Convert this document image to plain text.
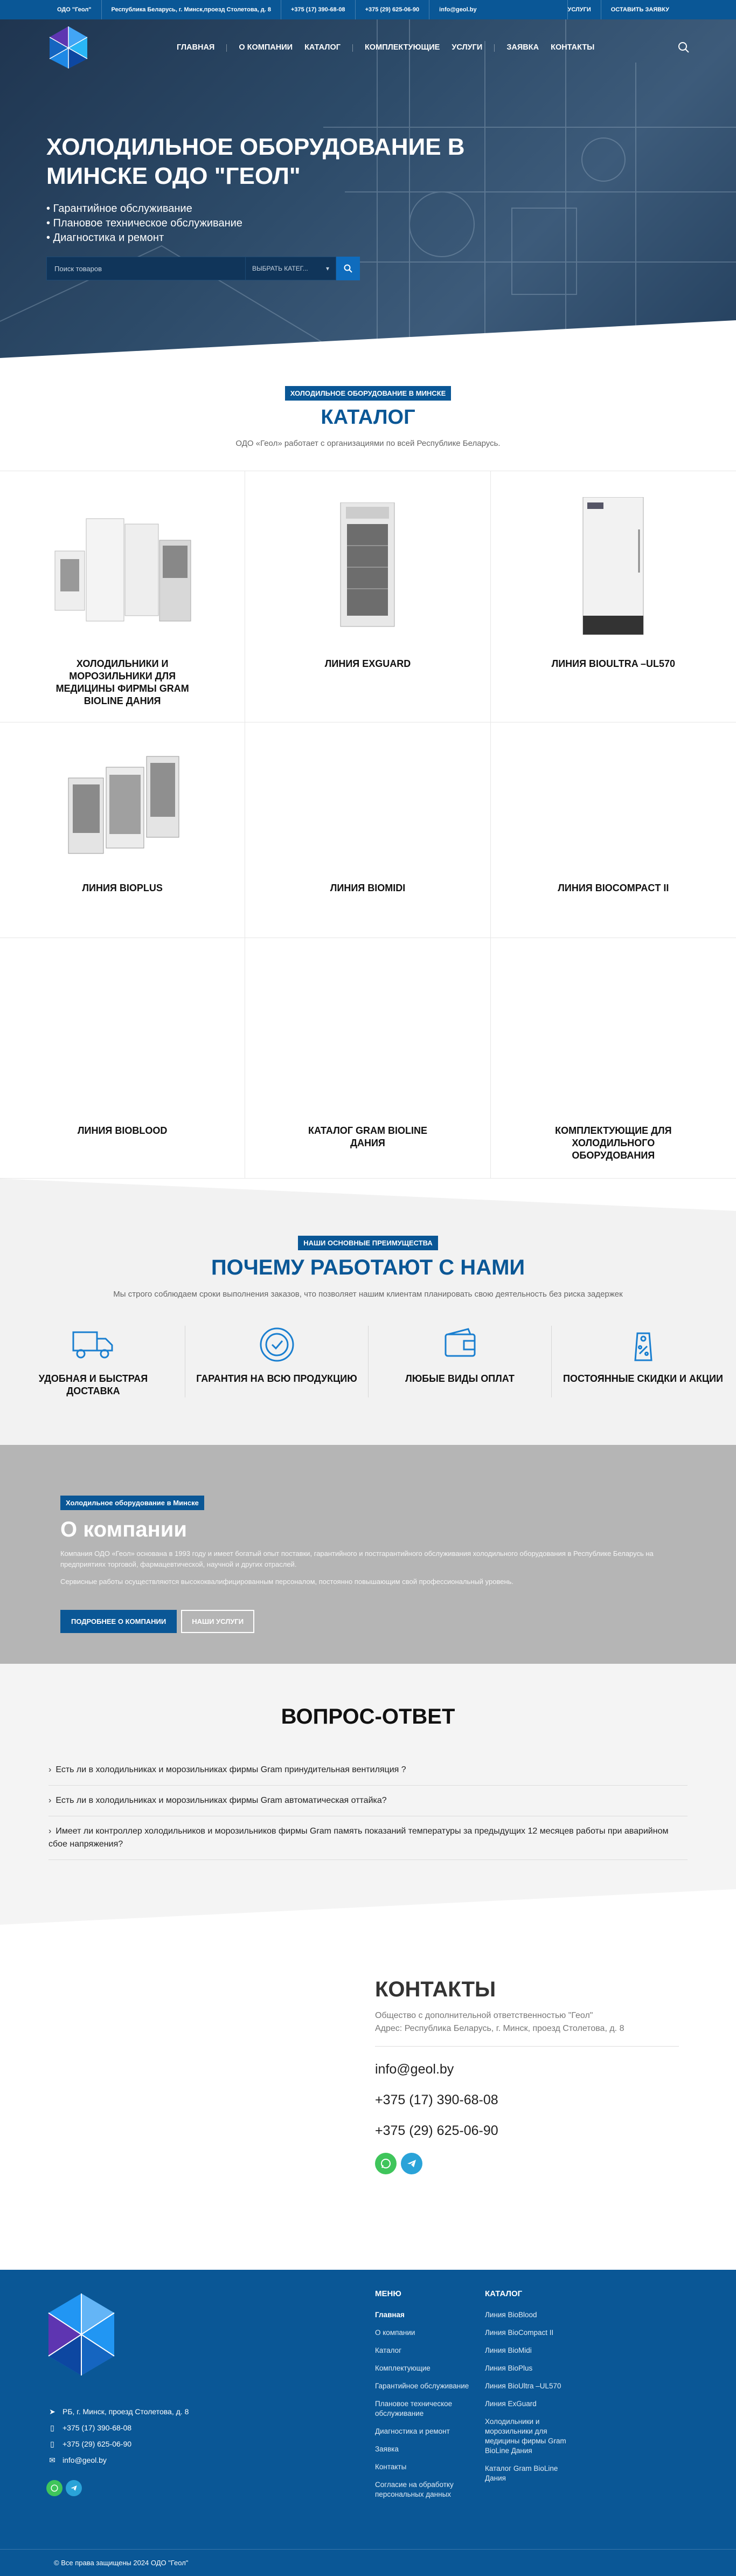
ОДО "Геол"	Республика Беларусь, г. Минск,проезд Столетова, д. 8	+375 (17) 390-68-08	+375 (29) 625-06-90	info@geol.by	УСЛУГИ	ОСТАВИТЬ ЗАЯВКУ
ГЛАВНАЯ	О КОМПАНИИ КАТАЛОГ	КОМПЛЕКТУЮЩИЕ УСЛУГИ	ЗАЯВКА КОНТАКТЫ
ХОЛОДИЛЬНОЕ ОБОРУДОВАНИЕ В МИНСКЕ ОДО "ГЕОЛ"
• Гарантийное обслуживание
• Плановое техническое обслуживание
• Диагностика и ремонт
Поиск товаров	ВЫБРАТЬ КАТЕГ...	▾
ХОЛОДИЛЬНОЕ ОБОРУДОВАНИЕ В МИНСКЕ
КАТАЛОГ
ОДО «Геол» работает с организациями по всей Республике Беларусь.
ХОЛОДИЛЬНИКИ И МОРОЗИЛЬНИКИ ДЛЯ МЕДИЦИНЫ ФИРМЫ GRAM BIOLINE ДАНИЯ
ЛИНИЯ EXGUARD	ЛИНИЯ BIOULTRA –UL570
ЛИНИЯ BIOPLUS	ЛИНИЯ BIOMIDI	ЛИНИЯ BIOCOMPACT II
ЛИНИЯ BIOBLOOD	КАТАЛОГ GRAM BIOLINE ДАНИЯ
КОМПЛЕКТУЮЩИЕ ДЛЯ ХОЛОДИЛЬНОГО ОБОРУДОВАНИЯ
НАШИ ОСНОВНЫЕ ПРЕИМУЩЕСТВА
ПОЧЕМУ РАБОТАЮТ С НАМИ
Мы строго соблюдаем сроки выполнения заказов, что позволяет нашим клиентам планировать свою деятельность без риска задержек
УДОБНАЯ И БЫСТРАЯ ДОСТАВКА
ГАРАНТИЯ НА ВСЮ ПРОДУКЦИЮ	ЛЮБЫЕ ВИДЫ ОПЛАТ	ПОСТОЯННЫЕ СКИДКИ И АКЦИИ
Холодильное оборудование в Минске
О компании

Компания ОДО «Геол» основана в 1993 году и имеет богатый опыт поставки, гарантийного и постгарантийного обслуживания холодильного оборудования в Республике Беларусь на предприятиях торговой, фармацевтической, научной и других отраслей.

Сервисные работы осуществляются высококвалифицированным персоналом, постоянно повышающим свой профессиональный уровень.

ПОДРОБНЕЕ О КОМПАНИИ	НАШИ УСЛУГИ
ВОПРОС-ОТВЕТ
› Есть ли в холодильниках и морозильниках фирмы Gram принудительная вентиляция ?
› Есть ли в холодильниках и морозильниках фирмы Gram автоматическая оттайка?
› Имеет ли контроллер холодильников и морозильников фирмы Gram память показаний температуры за предыдущих 12 месяцев работы при аварийном сбое напряжения?
КОНТАКТЫ
Общество с дополнительной ответственностью "Геол"
Адрес: Республика Беларусь, г. Минск, проезд Столетова, д. 8
info@geol.by
+375 (17) 390-68-08
+375 (29) 625-06-90
➤ РБ, г. Минск, проезд Столетова, д. 8
▯ +375 (17) 390-68-08
▯ +375 (29) 625-06-90
✉ info@geol.by
МЕНЮ
Главная
О компании
Каталог
Комплектующие
Гарантийное обслуживание
Плановое техническое обслуживание
Диагностика и ремонт
Заявка
Контакты
Согласие на обработку персональных данных
КАТАЛОГ
Линия BioBlood
Линия BioCompact II
Линия BioMidi
Линия BioPlus
Линия BioUltra –UL570
Линия ExGuard
Холодильники и морозильники для медицины фирмы Gram BioLine Дания
Каталог Gram BioLine Дания
© Все права защищены 2024 ОДО "Геол"
